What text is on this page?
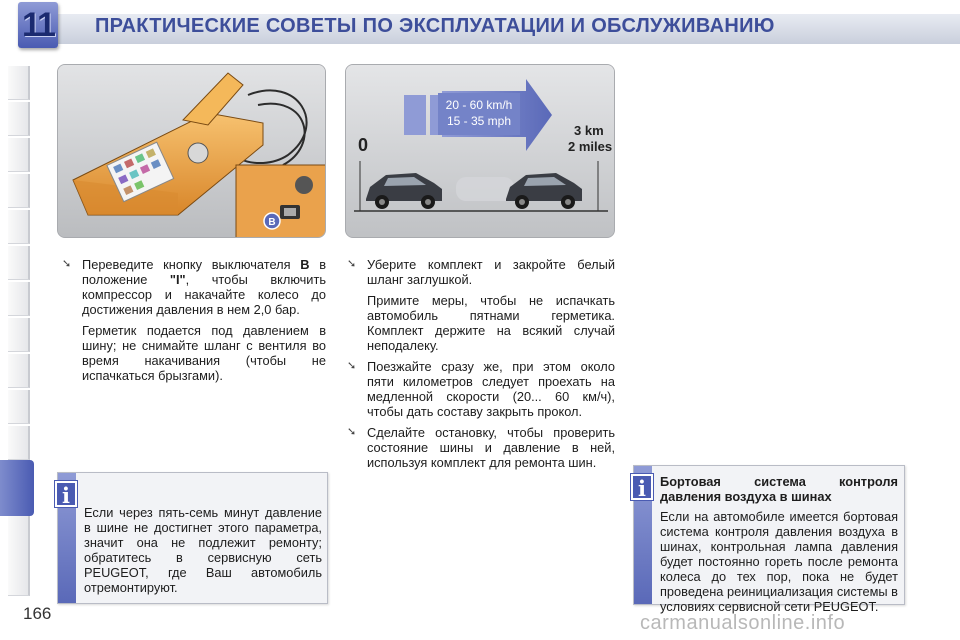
11 ПРАКТИЧЕСКИЕ СОВЕТЫ ПО ЭКСПЛУАТАЦИИ И ОБСЛУЖИВАНИЮ
B
20 - 60 km/h
15 - 35 mph
0
3 km
2 miles

➘ Переведите кнопку выключателя B в положение "I", чтобы включить компрессор и накачайте колесо до достижения давления в нем 2,0 бар.

Герметик подается под давлением в шину; не снимайте шланг с вентиля во время накачивания (чтобы не испачкаться брызгами).

➘ Уберите комплект и закройте белый шланг заглушкой.

Примите меры, чтобы не испачкать автомобиль пятнами герметика. Комплект держите на всякий случай неподалеку.

➘ Поезжайте сразу же, при этом около пяти километров следует проехать на медленной скорости (20... 60 км/ч), чтобы дать составу закрыть прокол.

➘ Сделайте остановку, чтобы проверить состояние шины и давление в ней, используя комплект для ремонта шин.

i
Если через пять-семь минут давление в шине не достигнет этого параметра, значит она не подлежит ремонту; обратитесь в сервисную сеть PEUGEOT, где Ваш автомобиль отремонтируют.
i	Бортовая система контроля давления воздуха в шинах
Если на автомобиле имеется бортовая система контроля давления воздуха в шинах, контрольная лампа давления будет постоянно гореть после ремонта колеса до тех пор, пока не будет проведена реинициализация системы в условиях сервисной сети PEUGEOT.
166	carmanualsonline.info
